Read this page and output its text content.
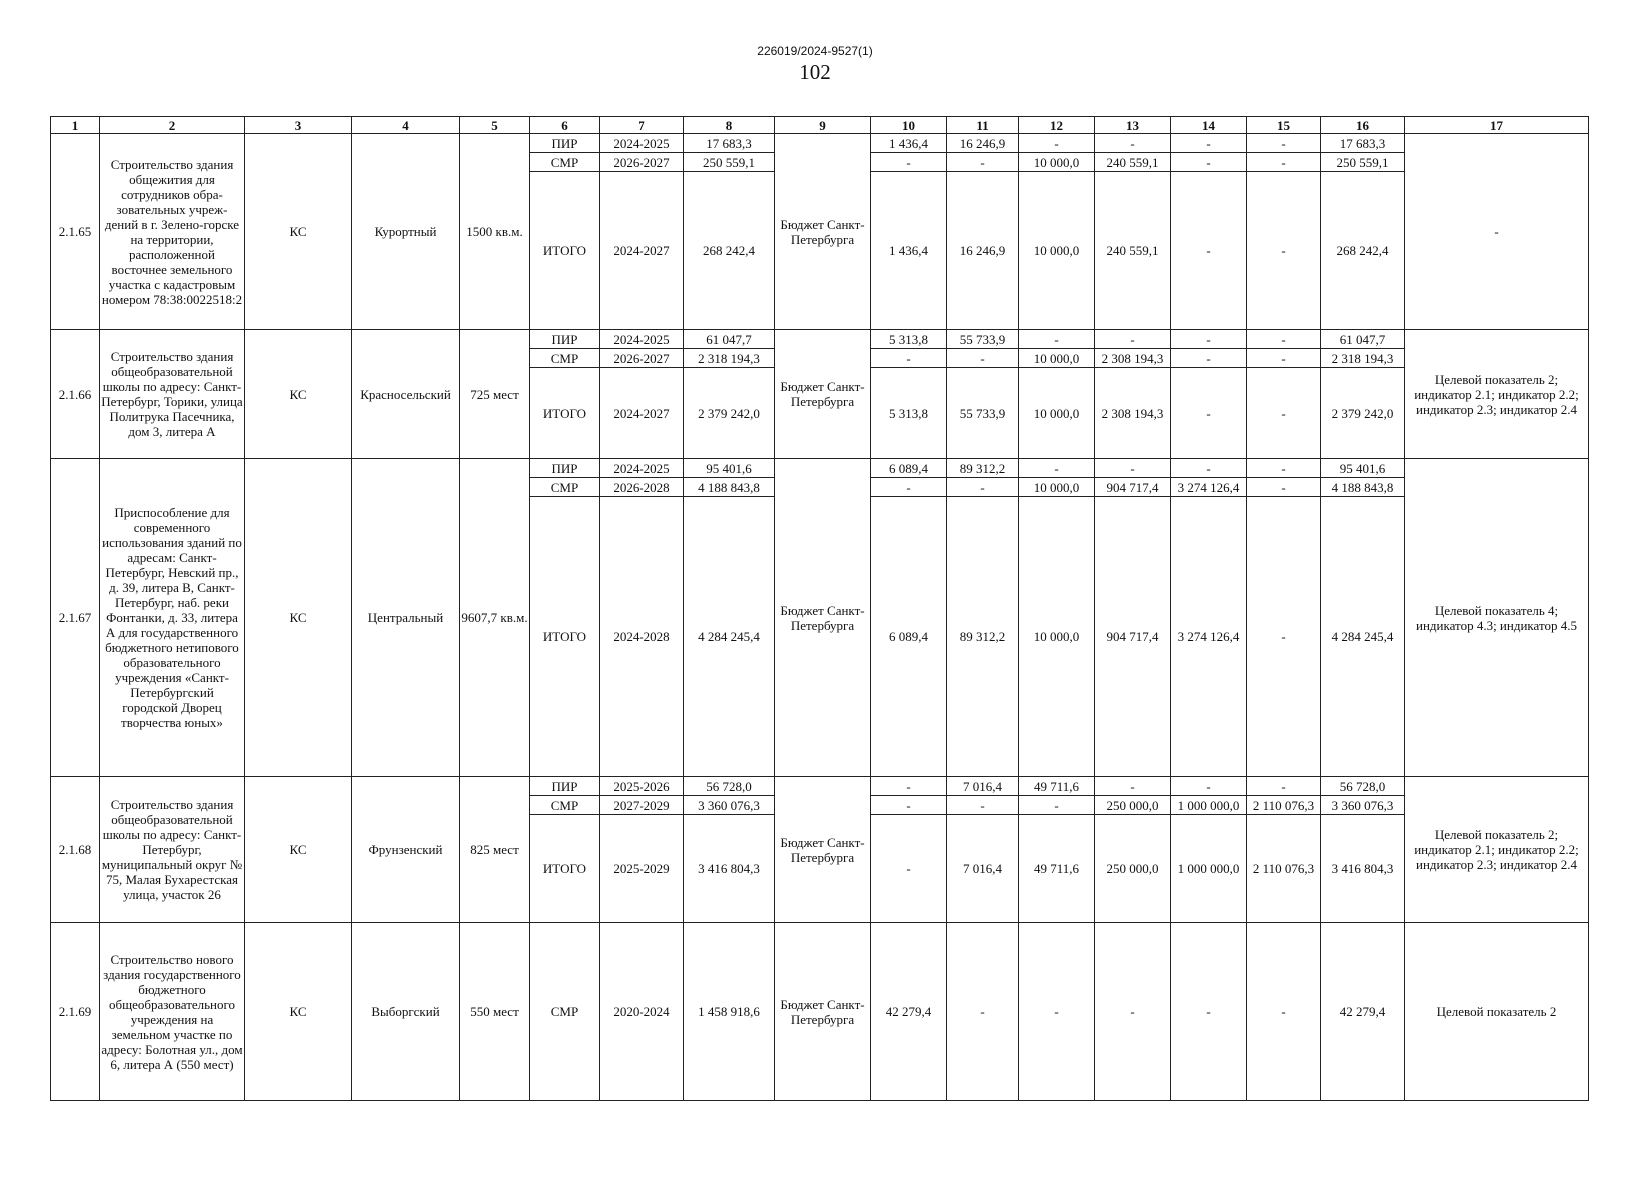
226019/2024-9527(1)
102
1	2	3	4	5	6	7	8	9	10	11	12	13	14	15	16	17
2.1.65	Строительство здания общежития для сотрудников обра-зовательных учреж-дений в г. Зелено-горске на территории, расположенной восточнее земельного участка с кадастровым номером 78:38:0022518:2	КС	Курортный	1500 кв.м.	ПИР	2024-2025	17 683,3	Бюджет Санкт-Петербурга	1 436,4	16 246,9	-	-	-	-	17 683,3	-
					СМР	2026-2027	250 559,1		-	-	10 000,0	240 559,1	-	-	250 559,1	
					ИТОГО	2024-2027	268 242,4		1 436,4	16 246,9	10 000,0	240 559,1	-	-	268 242,4	
2.1.66	Строительство здания общеобразовательной школы по адресу: Санкт-Петербург, Торики, улица Политрука Пасечника, дом 3, литера А	КС	Красносельский	725 мест	ПИР	2024-2025	61 047,7	Бюджет Санкт-Петербурга	5 313,8	55 733,9	-	-	-	-	61 047,7	Целевой показатель 2; индикатор 2.1; индикатор 2.2; индикатор 2.3; индикатор 2.4
					СМР	2026-2027	2 318 194,3		-	-	10 000,0	2 308 194,3	-	-	2 318 194,3	
					ИТОГО	2024-2027	2 379 242,0		5 313,8	55 733,9	10 000,0	2 308 194,3	-	-	2 379 242,0	
2.1.67	Приспособление для современного использования зданий по адресам: Санкт-Петербург, Невский пр., д. 39, литера В, Санкт-Петербург, наб. реки Фонтанки, д. 33, литера А для государственного бюджетного нетипового образовательного учреждения «Санкт-Петербургский городской Дворец творчества юных»	КС	Центральный	9607,7 кв.м.	ПИР	2024-2025	95 401,6	Бюджет Санкт-Петербурга	6 089,4	89 312,2	-	-	-	-	95 401,6	Целевой показатель 4; индикатор 4.3; индикатор 4.5
					СМР	2026-2028	4 188 843,8		-	-	10 000,0	904 717,4	3 274 126,4	-	4 188 843,8	
					ИТОГО	2024-2028	4 284 245,4		6 089,4	89 312,2	10 000,0	904 717,4	3 274 126,4	-	4 284 245,4	
2.1.68	Строительство здания общеобразовательной школы по адресу: Санкт-Петербург, муниципальный округ № 75, Малая Бухарестская улица, участок 26	КС	Фрунзенский	825 мест	ПИР	2025-2026	56 728,0	Бюджет Санкт-Петербурга	-	7 016,4	49 711,6	-	-	-	56 728,0	Целевой показатель 2; индикатор 2.1; индикатор 2.2; индикатор 2.3; индикатор 2.4
					СМР	2027-2029	3 360 076,3		-	-	-	250 000,0	1 000 000,0	2 110 076,3	3 360 076,3	
					ИТОГО	2025-2029	3 416 804,3		-	7 016,4	49 711,6	250 000,0	1 000 000,0	2 110 076,3	3 416 804,3	
2.1.69	Строительство нового здания государственного бюджетного общеобразовательного учреждения на земельном участке по адресу: Болотная ул., дом 6, литера А (550 мест)	КС	Выборгский	550 мест	СМР	2020-2024	1 458 918,6	Бюджет Санкт-Петербурга	42 279,4	-	-	-	-	-	42 279,4	Целевой показатель 2
